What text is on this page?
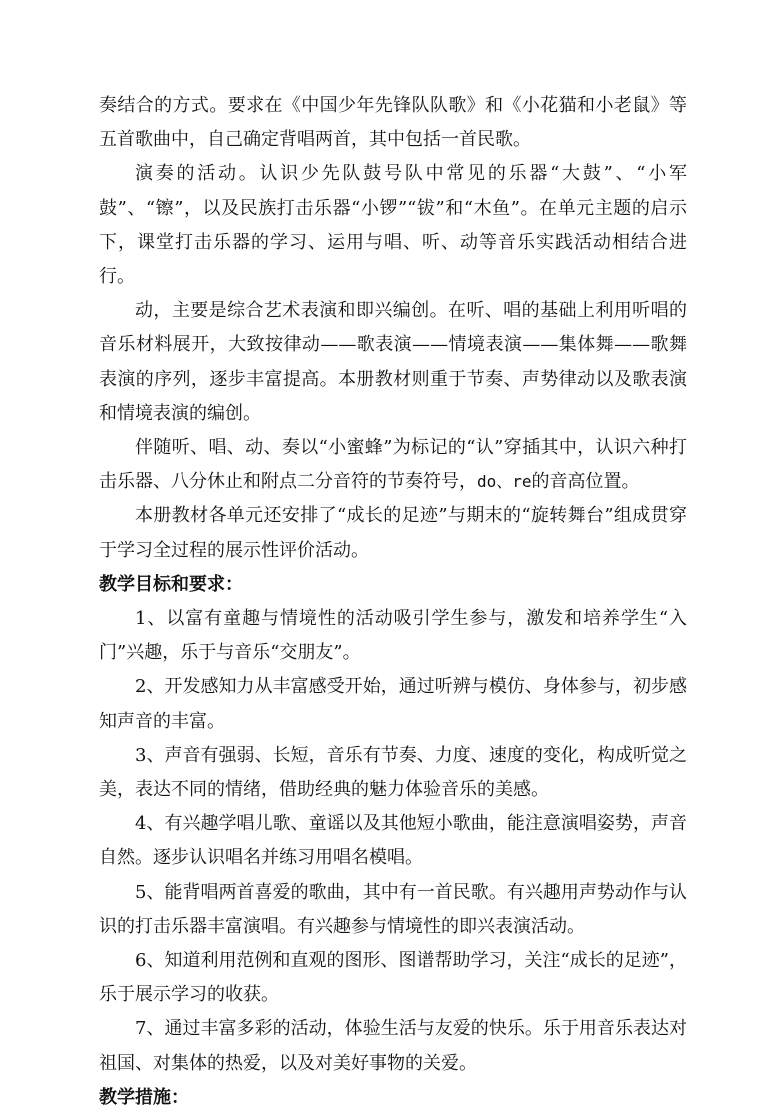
奏结合的方式。要求在《中国少年先锋队队歌》和《小花猫和小老鼠》等五首歌曲中，自己确定背唱两首，其中包括一首民歌。

演奏的活动。认识少先队鼓号队中常见的乐器“大鼓”、“小军鼓”、“镲”，以及民族打击乐器“小锣”“钹”和“木鱼”。在单元主题的启示下，课堂打击乐器的学习、运用与唱、听、动等音乐实践活动相结合进行。

动，主要是综合艺术表演和即兴编创。在听、唱的基础上利用听唱的音乐材料展开，大致按律动——歌表演——情境表演——集体舞——歌舞表演的序列，逐步丰富提高。本册教材则重于节奏、声势律动以及歌表演和情境表演的编创。

伴随听、唱、动、奏以“小蜜蜂”为标记的“认”穿插其中，认识六种打击乐器、八分休止和附点二分音符的节奏符号，do、re的音高位置。

本册教材各单元还安排了“成长的足迹”与期末的“旋转舞台”组成贯穿于学习全过程的展示性评价活动。

教学目标和要求：

1、以富有童趣与情境性的活动吸引学生参与，激发和培养学生“入门”兴趣，乐于与音乐“交朋友”。

2、开发感知力从丰富感受开始，通过听辨与模仿、身体参与，初步感知声音的丰富。

3、声音有强弱、长短，音乐有节奏、力度、速度的变化，构成听觉之美，表达不同的情绪，借助经典的魅力体验音乐的美感。

4、有兴趣学唱儿歌、童谣以及其他短小歌曲，能注意演唱姿势，声音自然。逐步认识唱名并练习用唱名模唱。

5、能背唱两首喜爱的歌曲，其中有一首民歌。有兴趣用声势动作与认识的打击乐器丰富演唱。有兴趣参与情境性的即兴表演活动。

6、知道利用范例和直观的图形、图谱帮助学习，关注“成长的足迹”，乐于展示学习的收获。

7、通过丰富多彩的活动，体验生活与友爱的快乐。乐于用音乐表达对祖国、对集体的热爱，以及对美好事物的关爱。

教学措施：
